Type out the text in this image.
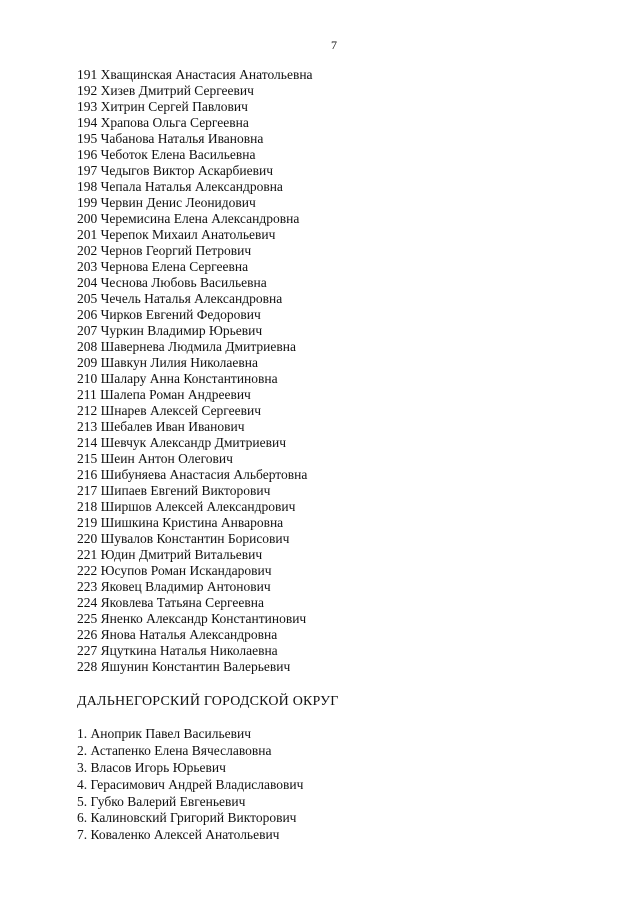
7
191 Хващинская Анастасия Анатольевна
192 Хизев Дмитрий Сергеевич
193 Хитрин Сергей Павлович
194 Храпова Ольга Сергеевна
195 Чабанова Наталья Ивановна
196 Чеботок Елена Васильевна
197 Чедыгов Виктор Аскарбиевич
198 Чепала Наталья Александровна
199 Червин Денис Леонидович
200 Черемисина Елена Александровна
201 Черепок Михаил Анатольевич
202 Чернов Георгий Петрович
203 Чернова Елена Сергеевна
204 Чеснова Любовь Васильевна
205 Чечель Наталья Александровна
206 Чирков Евгений Федорович
207 Чуркин Владимир Юрьевич
208 Шавернева Людмила Дмитриевна
209 Шавкун Лилия Николаевна
210 Шалару Анна Константиновна
211 Шалепа Роман Андреевич
212 Шнарев Алексей Сергеевич
213 Шебалев Иван Иванович
214 Шевчук Александр Дмитриевич
215 Шеин Антон Олегович
216 Шибуняева Анастасия Альбертовна
217 Шипаев Евгений Викторович
218 Ширшов Алексей Александрович
219 Шишкина Кристина Анваровна
220 Шувалов Константин Борисович
221 Юдин Дмитрий Витальевич
222 Юсупов Роман Искандарович
223 Яковец Владимир Антонович
224 Яковлева Татьяна Сергеевна
225 Яненко Александр Константинович
226 Янова Наталья Александровна
227 Яцуткина Наталья Николаевна
228 Яшунин Константин Валерьевич
ДАЛЬНЕГОРСКИЙ ГОРОДСКОЙ ОКРУГ
1. Аноприк Павел Васильевич
2. Астапенко Елена Вячеславовна
3. Власов Игорь Юрьевич
4. Герасимович Андрей Владиславович
5. Губко Валерий Евгеньевич
6. Калиновский Григорий Викторович
7. Коваленко Алексей Анатольевич
